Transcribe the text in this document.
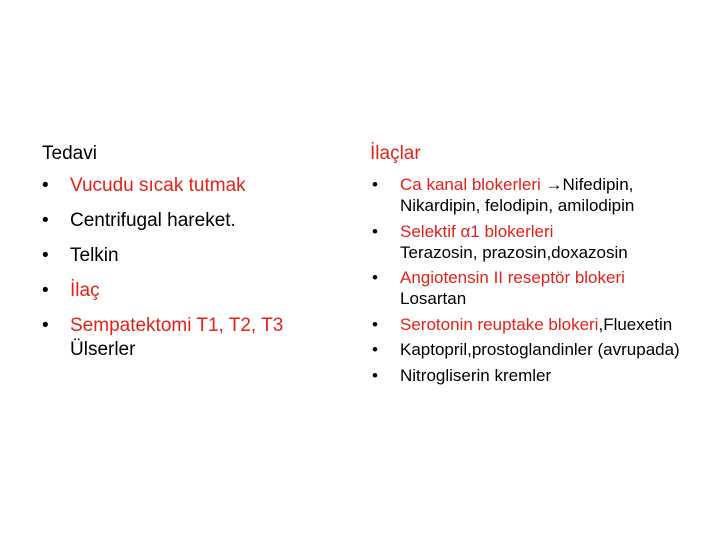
Tedavi	İlaçlar
• Vucudu sıcak tutmak
• Centrifugal hareket.
• Telkin
• İlaç
• Sempatektomi T1, T2, T3
Ülserler
• Ca kanal blokerleri →Nifedipin, Nikardipin, felodipin, amilodipin
• Selektif α1 blokerleri
Terazosin, prazosin,doxazosin
• Angiotensin II reseptör blokeri
Losartan
• Serotonin reuptake blokeri,Fluexetin
• Kaptopril,prostoglandinler (avrupada)
• Nitrogliserin kremler
